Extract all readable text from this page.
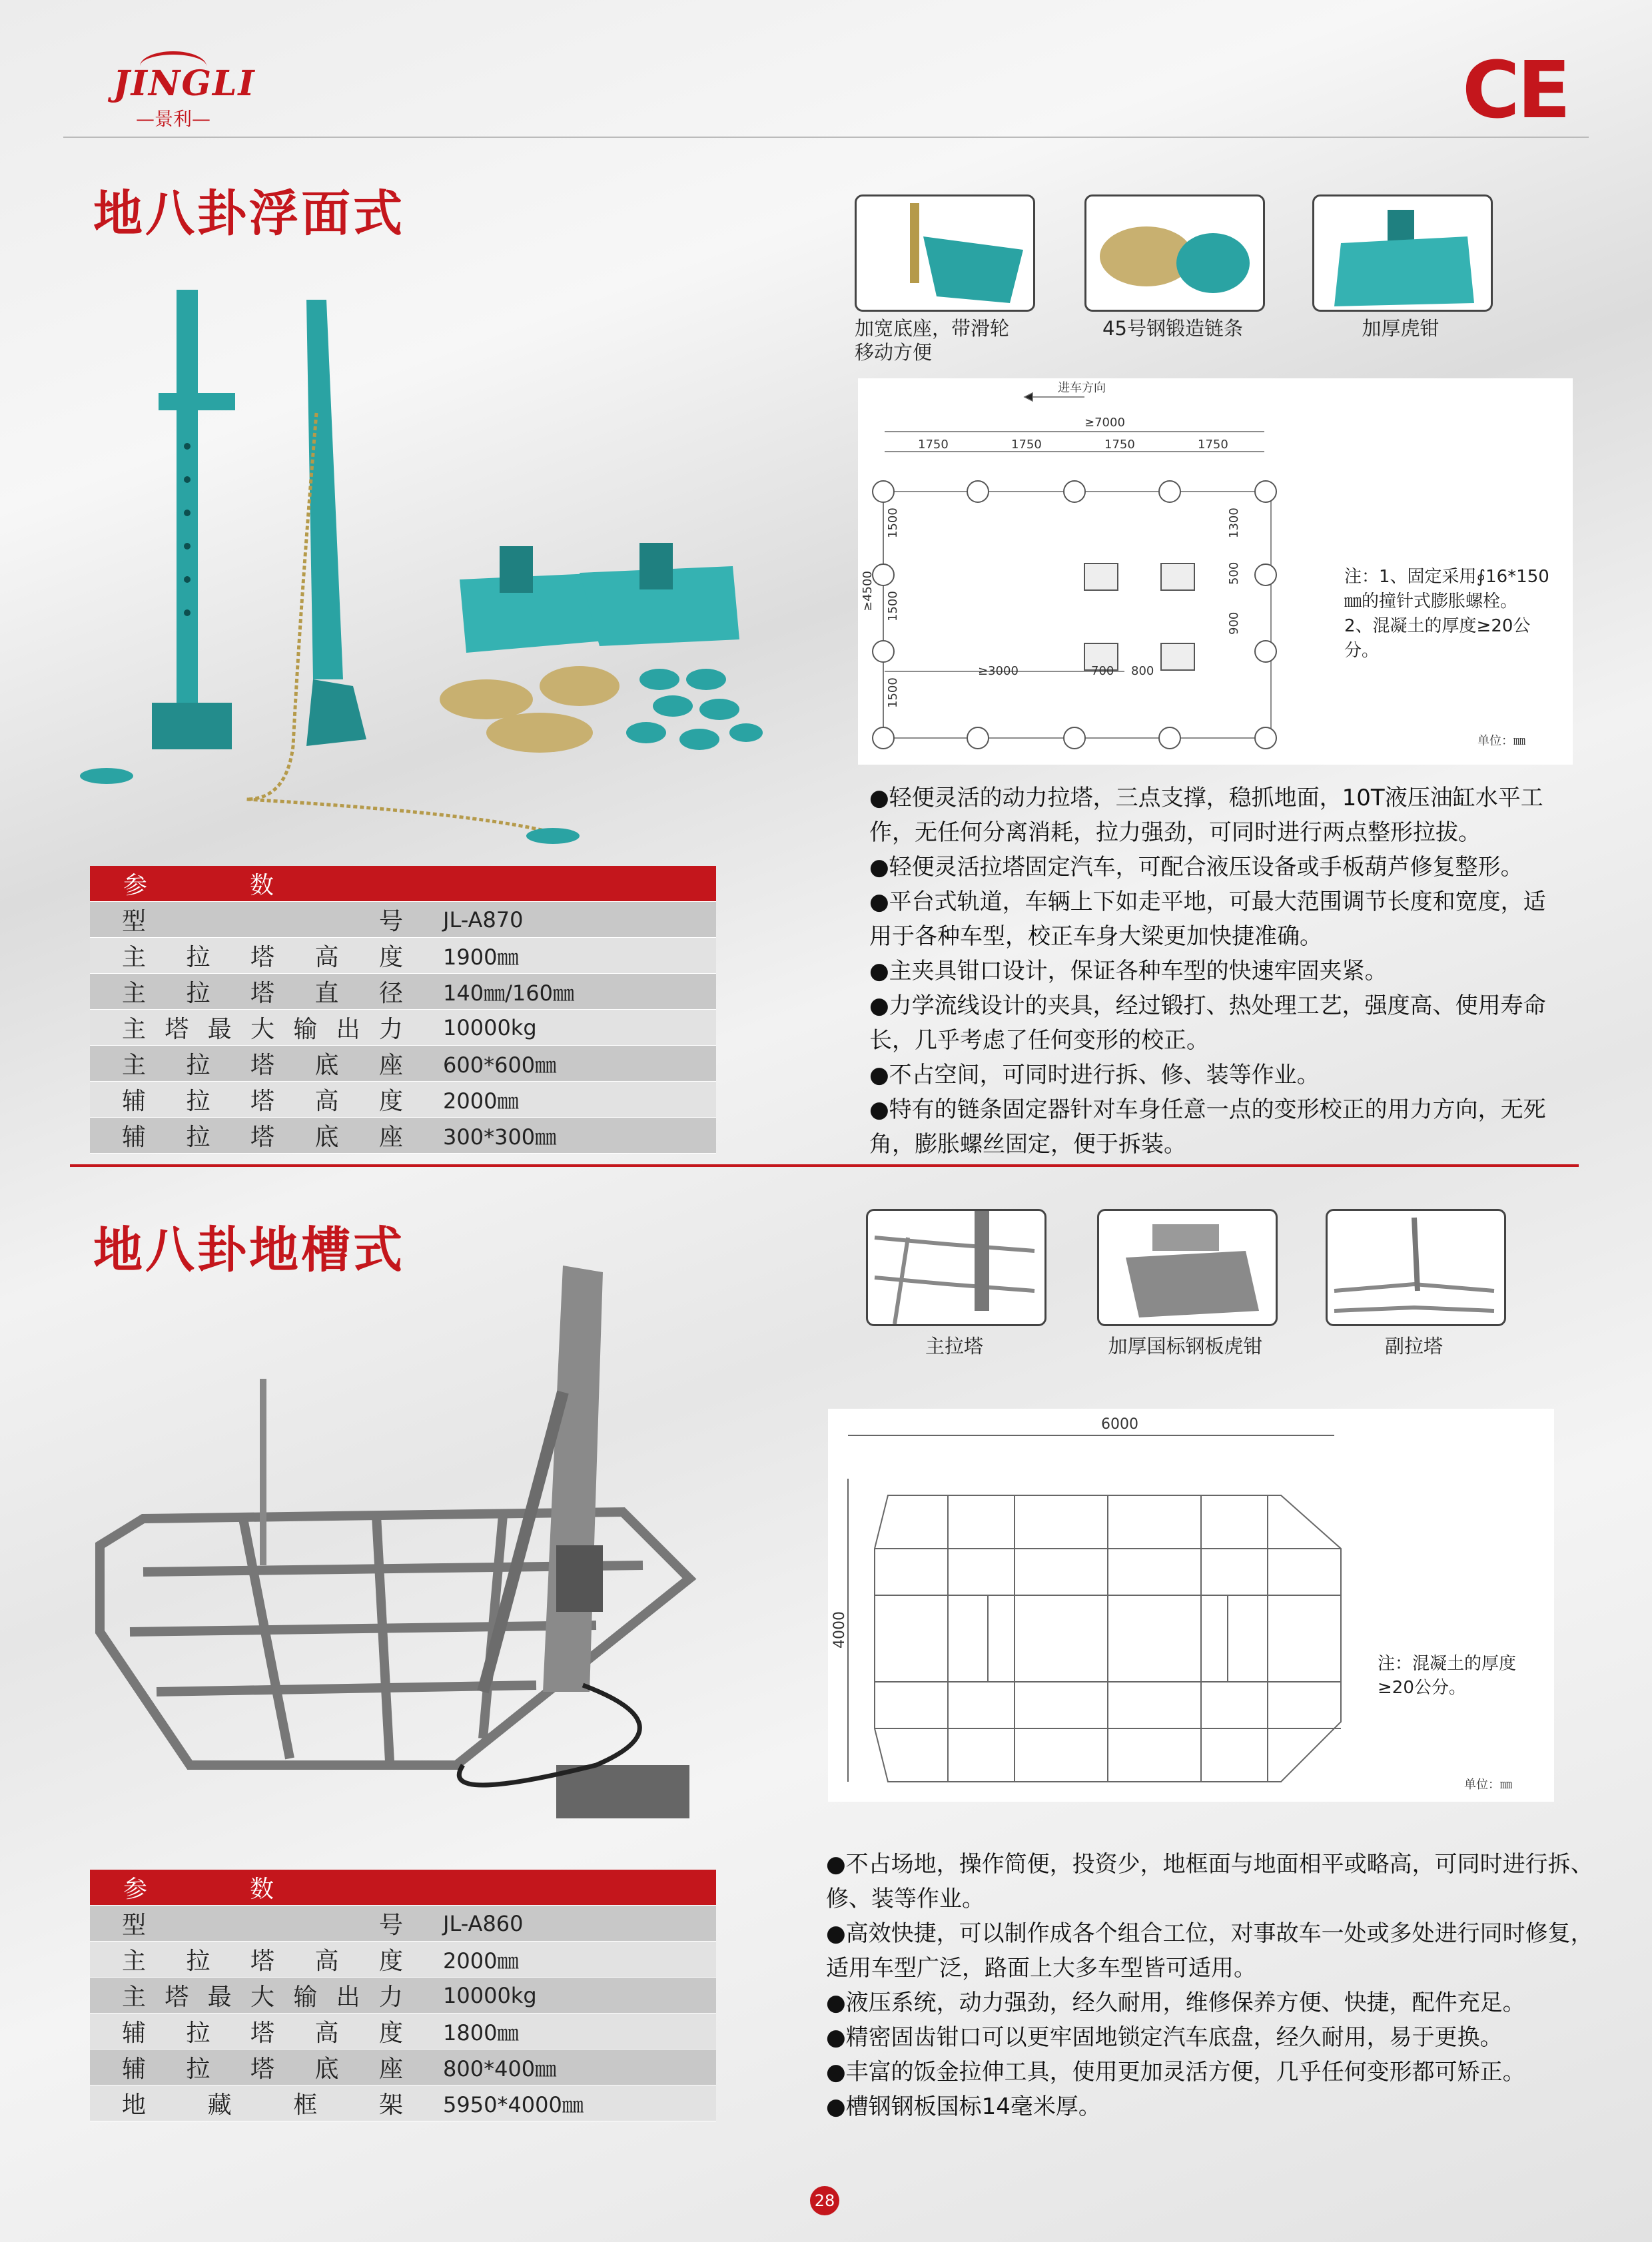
JINGLI
—景利—	CE
地八卦浮面式
加宽底座，带滑轮 移动方便
45号钢锻造链条	加厚虎钳
进车方向
≥7000
1750	1750	1750	1750
≥4500
1500
1500
1500
1300
500
900
≥3000	700 800
单位：㎜
注：1、固定采用∮16*150㎜的撞针式膨胀螺栓。
2、混凝土的厚度≥20公分。
参	数
型号	JL-A870
主拉塔高度	1900㎜
主拉塔直径	140㎜/160㎜
主塔最大输出力	10000kg
主拉塔底座	600*600㎜
辅拉塔高度	2000㎜
辅拉塔底座	300*300㎜

●轻便灵活的动力拉塔，三点支撑，稳抓地面，10T液压油缸水平工作，无任何分离消耗，拉力强劲，可同时进行两点整形拉拔。

●轻便灵活拉塔固定汽车，可配合液压设备或手板葫芦修复整形。

●平台式轨道，车辆上下如走平地，可最大范围调节长度和宽度，适用于各种车型，校正车身大梁更加快捷准确。

●主夹具钳口设计，保证各种车型的快速牢固夹紧。

●力学流线设计的夹具，经过锻打、热处理工艺，强度高、使用寿命长，几乎考虑了任何变形的校正。

●不占空间，可同时进行拆、修、装等作业。

●特有的链条固定器针对车身任意一点的变形校正的用力方向，无死角，膨胀螺丝固定，便于拆装。

地八卦地槽式
主拉塔	加厚国标钢板虎钳	副拉塔
6000
4000
单位：㎜
注：混凝土的厚度≥20公分。
参	数
型号	JL-A860
主拉塔高度	2000㎜
主塔最大输出力	10000kg
辅拉塔高度	1800㎜
辅拉塔底座	800*400㎜
地藏框架	5950*4000㎜

●不占场地，操作简便，投资少，地框面与地面相平或略高，可同时进行拆、修、装等作业。

●高效快捷，可以制作成各个组合工位，对事故车一处或多处进行同时修复，适用车型广泛，路面上大多车型皆可适用。

●液压系统，动力强劲，经久耐用，维修保养方便、快捷，配件充足。

●精密固齿钳口可以更牢固地锁定汽车底盘，经久耐用，易于更换。

●丰富的饭金拉伸工具，使用更加灵活方便，几乎任何变形都可矫正。

●槽钢钢板国标14毫米厚。

28
